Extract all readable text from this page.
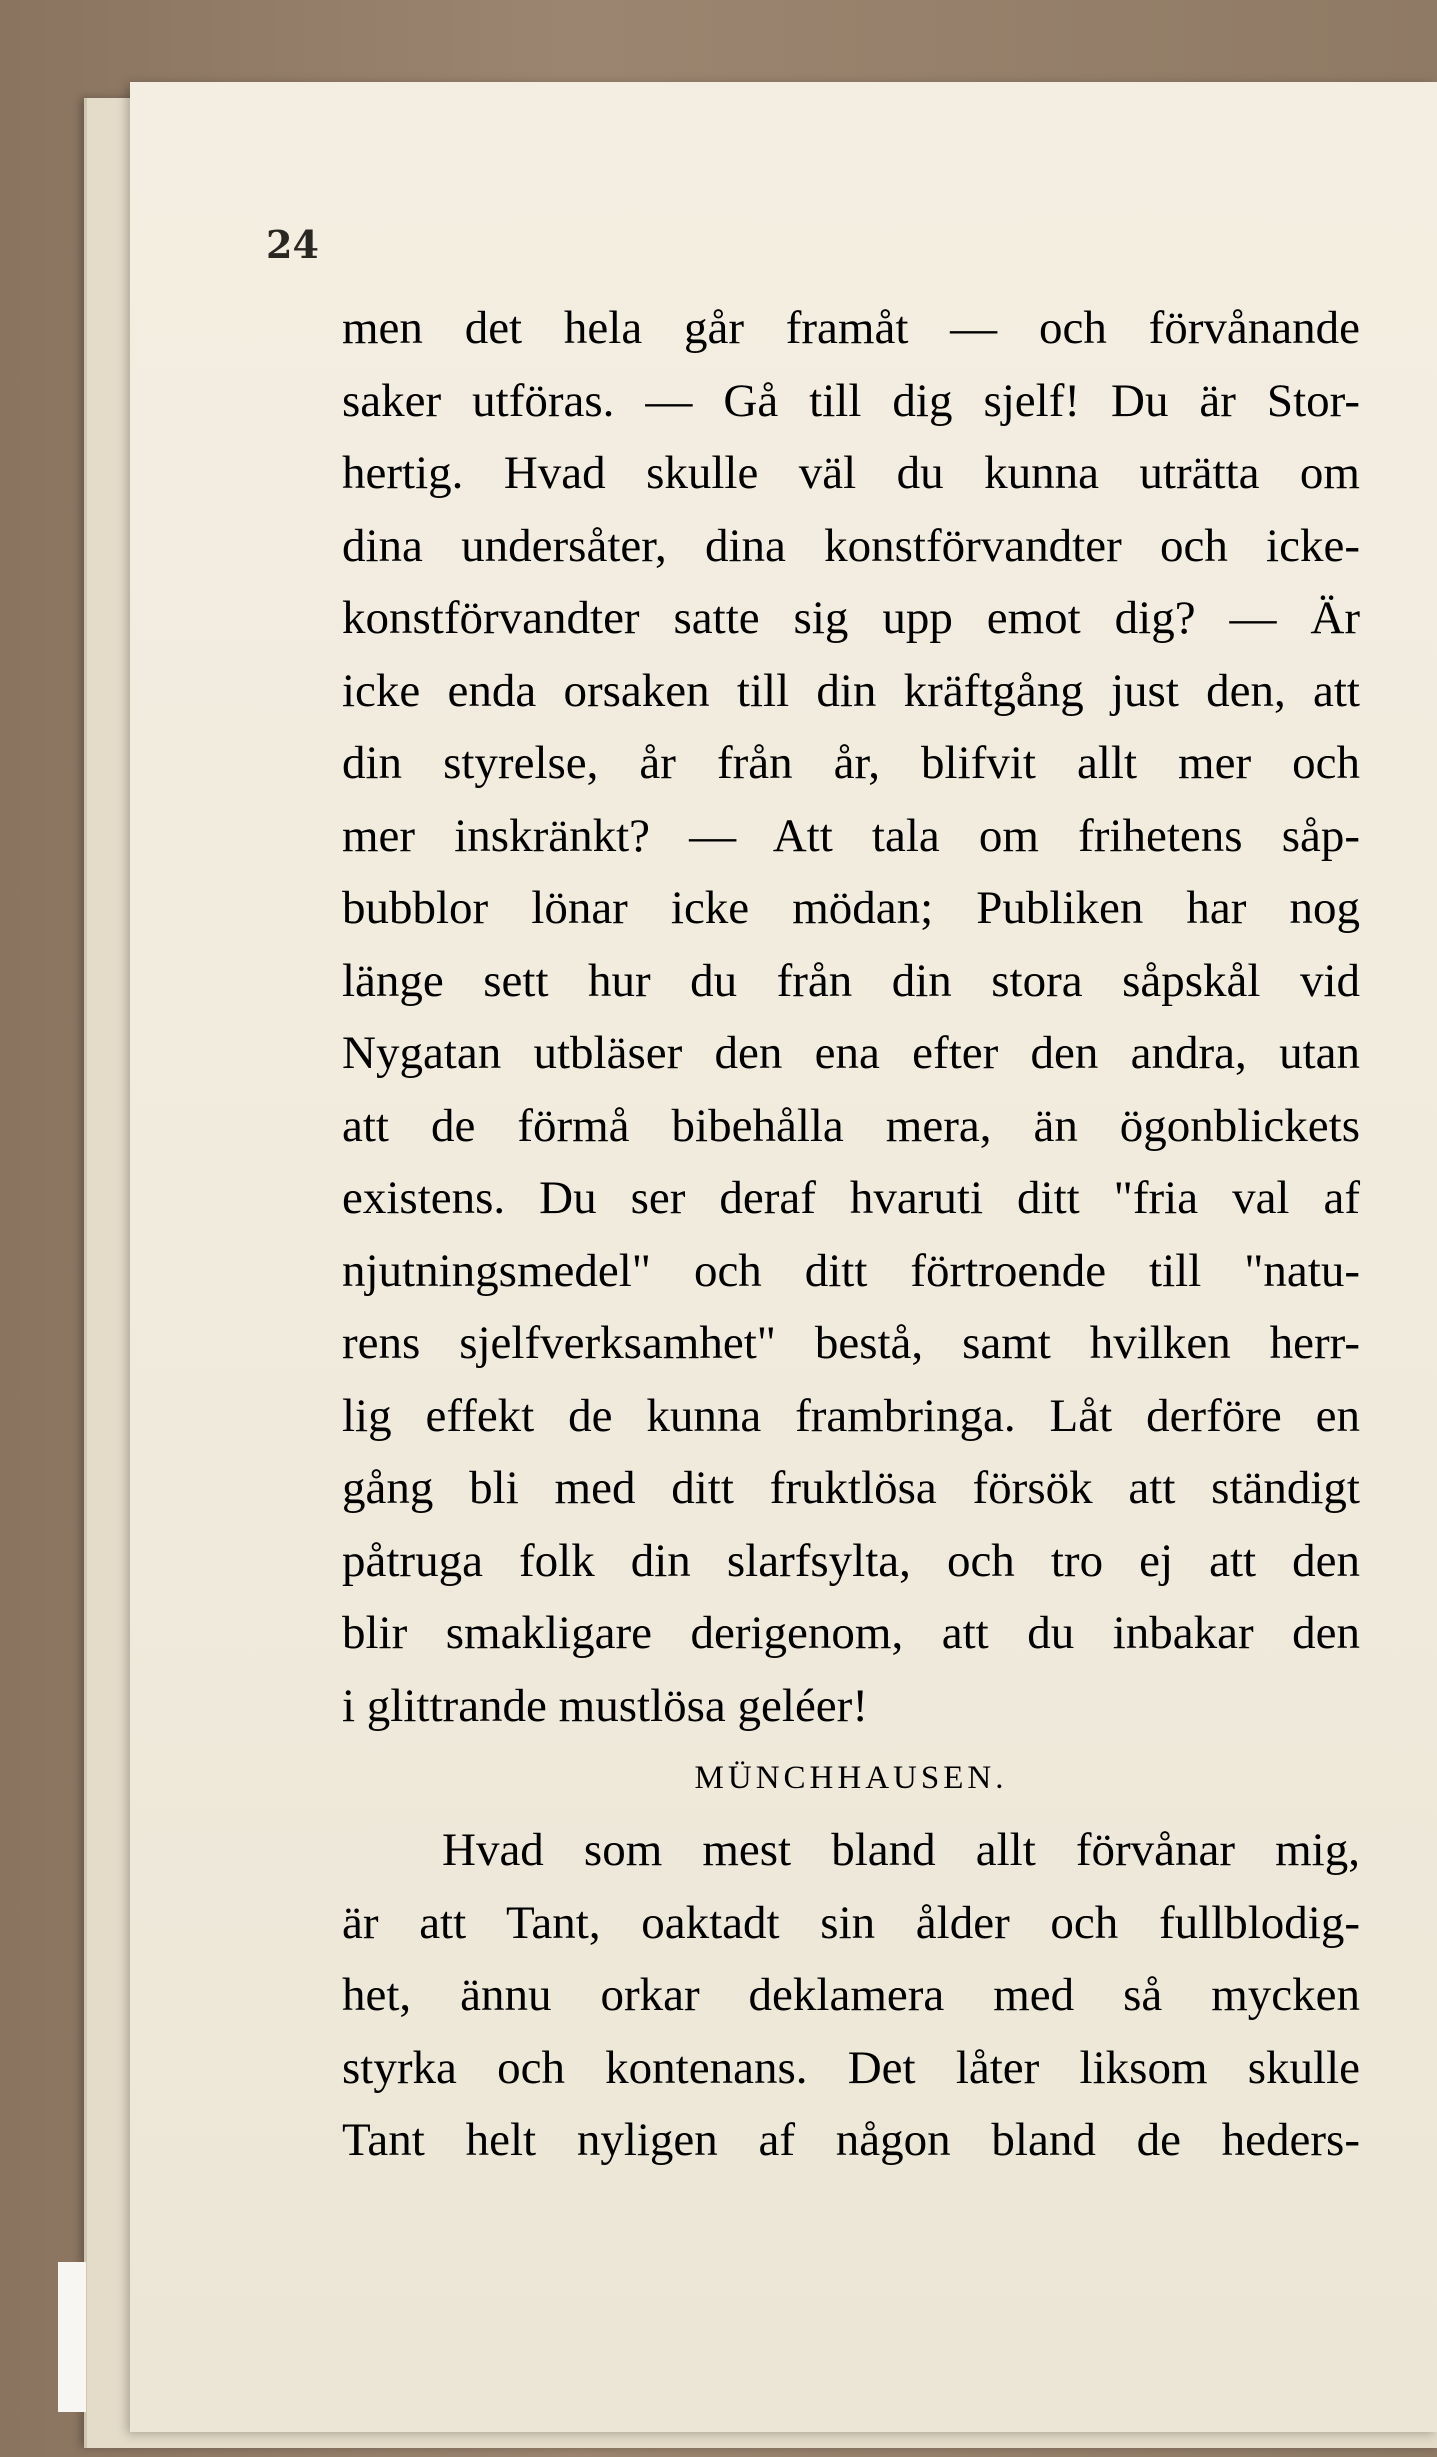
24
men det hela går framåt — och förvånande
saker utföras. — Gå till dig sjelf! Du är Stor-
hertig. Hvad skulle väl du kunna uträtta om
dina undersåter, dina konstförvandter och icke-
konstförvandter satte sig upp emot dig? — Är
icke enda orsaken till din kräftgång just den, att
din styrelse, år från år, blifvit allt mer och
mer inskränkt? — Att tala om frihetens såp-
bubblor lönar icke mödan; Publiken har nog
länge sett hur du från din stora såpskål vid
Nygatan utbläser den ena efter den andra, utan
att de förmå bibehålla mera, än ögonblickets
existens. Du ser deraf hvaruti ditt "fria val af
njutningsmedel" och ditt förtroende till "natu-
rens sjelfverksamhet" bestå, samt hvilken herr-
lig effekt de kunna frambringa. Låt derföre en
gång bli med ditt fruktlösa försök att ständigt
påtruga folk din slarfsylta, och tro ej att den
blir smakligare derigenom, att du inbakar den
i glittrande mustlösa geléer!
MÜNCHHAUSEN.
Hvad som mest bland allt förvånar mig,
är att Tant, oaktadt sin ålder och fullblodig-
het, ännu orkar deklamera med så mycken
styrka och kontenans. Det låter liksom skulle
Tant helt nyligen af någon bland de heders-
